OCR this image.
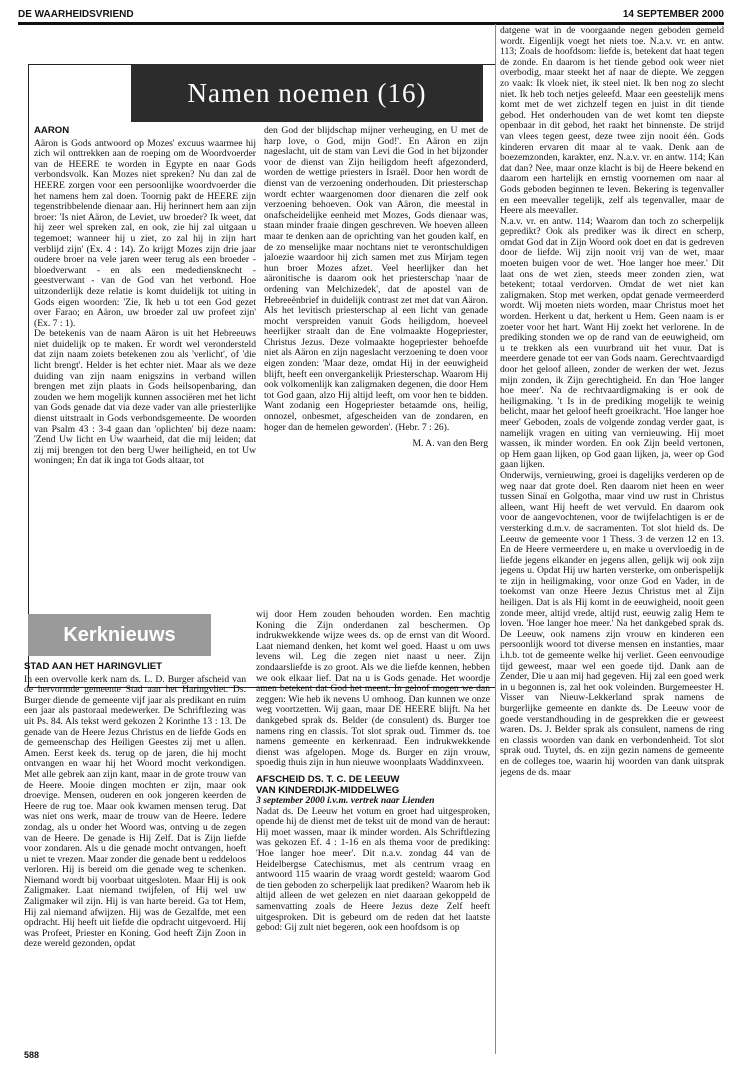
DE WAARHEIDSVRIEND	14 SEPTEMBER 2000
Namen noemen (16)
AÄRON

Aäron is Gods antwoord op Mozes' excuus waarmee hij zich wil onttrekken aan de roeping om de Woordvoerder van de HEERE te worden in Egypte en naar Gods verbondsvolk. Kan Mozes niet spreken? Nu dan zal de HEERE zorgen voor een persoonlijke woordvoerder die het namens hem zal doen. Toornig pakt de HEERE zijn tegenstribbelende dienaar aan. Hij herinnert hem aan zijn broer: 'Is niet Aäron, de Leviet, uw broeder? Ik weet, dat hij zeer wel spreken zal, en ook, zie hij zal uitgaan u tegemoet; wanneer hij u ziet, zo zal hij in zijn hart verblijd zijn' (Ex. 4 : 14). Zo krijgt Mozes zijn drie jaar oudere broer na vele jaren weer terug als een broeder - bloedverwant - en als een medediensknecht - geestverwant - van de God van het verbond. Hoe uitzonderlijk deze relatie is komt duidelijk tot uiting in Gods eigen woorden: 'Zie, Ik heb u tot een God gezet over Farao; en Aäron, uw broeder zal uw profeet zijn' (Ex. 7 : 1).

De betekenis van de naam Aäron is uit het Hebreeuws niet duidelijk op te maken. Er wordt wel verondersteld dat zijn naam zoiets betekenen zou als 'verlicht', of 'die licht brengt'. Helder is het echter niet. Maar als we deze duiding van zijn naam enigszins in verband willen brengen met zijn plaats in Gods heilsopenbaring, dan zouden we hem mogelijk kunnen associëren met het licht van Gods genade dat via deze vader van alle priesterlijke dienst uitstraalt in Gods verbondsgemeente. De woorden van Psalm 43 : 3-4 gaan dan 'oplichten' bij deze naam: 'Zend Uw licht en Uw waarheid, dat die mij leiden; dat zij mij brengen tot den berg Uwer heiligheid, en tot Uw woningen; En dat ik inga tot Gods altaar, tot

den God der blijdschap mijner verheuging, en U met de harp love, o God, mijn God!'. En Aäron en zijn nageslacht, uit de stam van Levi die God in het bijzonder voor de dienst van Zijn heiligdom heeft afgezonderd, worden de wettige priesters in Israël. Door hen wordt de dienst van de verzoening onderhouden. Dit priesterschap wordt echter waargenomen door dienaren die zelf ook verzoening behoeven. Ook van Aäron, die meestal in onafscheidelijke eenheid met Mozes, Gods dienaar was, staan minder fraaie dingen geschreven. We hoeven alleen maar te denken aan de oprichting van het gouden kalf, en de zo menselijke maar nochtans niet te verontschuldigen jaloezie waardoor hij zich samen met zus Mirjam tegen hun broer Mozes afzet. Veel heerlijker dan het aäronitische is daarom ook het priesterschap 'naar de ordening van Melchizedek', dat de apostel van de Hebreeënbrief in duidelijk contrast zet met dat van Aäron. Als het levitisch priesterschap al een licht van genade mocht verspreiden vanuit Gods heiligdom, hoeveel heerlijker straalt dan de Ene volmaakte Hogepriester, Christus Jezus. Deze volmaakte hogepriester behoefde niet als Aäron en zijn nageslacht verzoening te doen voor eigen zonden: 'Maar deze, omdat Hij in der eeuwigheid blijft, heeft een onvergankelijk Priesterschap. Waarom Hij ook volkomenlijk kan zaligmaken degenen, die door Hem tot God gaan, alzo Hij altijd leeft, om voor hen te bidden. Want zodanig een Hogepriester betaamde ons, heilig, onnozel, onbesmet, afgescheiden van de zondaren, en hoger dan de hemelen geworden'. (Hebr. 7 : 26).

M. A. van den Berg

Kerknieuws
STAD AAN HET HARINGVLIET

In een overvolle kerk nam ds. L. D. Burger afscheid van de hervormde gemeente Stad aan het Haringvliet. Ds. Burger diende de gemeente vijf jaar als predikant en ruim een jaar als pastoraal medewerker. De Schriftlezing was uit Ps. 84. Als tekst werd gekozen 2 Korinthe 13 : 13. De genade van de Heere Jezus Christus en de liefde Gods en de gemeenschap des Heiligen Geestes zij met u allen. Amen. Eerst keek ds. terug op de jaren, die hij mocht ontvangen en waar hij het Woord mocht verkondigen. Met alle gebrek aan zijn kant, maar in de grote trouw van de Heere. Mooie dingen mochten er zijn, maar ook droevige. Mensen, ouderen en ook jongeren keerden de Heere de rug toe. Maar ook kwamen mensen terug. Dat was niet ons werk, maar de trouw van de Heere. Iedere zondag, als u onder het Woord was, ontving u de zegen van de Heere. De genade is Hij Zelf. Dat is Zijn liefde voor zondaren. Als u die genade mocht ontvangen, hoeft u niet te vrezen. Maar zonder die genade bent u reddeloos verloren. Hij is bereid om die genade weg te schenken. Niemand wordt bij voorbaat uitgesloten. Maar Hij is ook Zaligmaker. Laat niemand twijfelen, of Hij wel uw Zaligmaker wil zijn. Hij is van harte bereid. Ga tot Hem, Hij zal niemand afwijzen. Hij was de Gezalfde, met een opdracht. Hij heeft uit liefde die opdracht uitgevoerd. Hij was Profeet, Priester en Koning. God heeft Zijn Zoon in deze wereld gezonden, opdat

wij door Hem zouden behouden worden. Een machtig Koning die Zijn onderdanen zal beschermen. Op indrukwekkende wijze wees ds. op de ernst van dit Woord. Laat niemand denken, het komt wel goed. Haast u om uws levens wil. Leg die zegen niet naast u neer. Zijn zondaarsliefde is zo groot. Als we die liefde kennen, hebben we ook elkaar lief. Dat na u is Gods genade. Het woordje amen betekent dat God het meent. In geloof mogen we dan zeggen: Wie heb ik nevens U omhoog. Dan kunnen we onze weg voortzetten. Wij gaan, maar DE HEERE blijft. Na het dankgebed sprak ds. Belder (de consulent) ds. Burger toe namens ring en classis. Tot slot sprak oud. Timmer ds. toe namens gemeente en kerkenraad. Een indrukwekkende dienst was afgelopen. Moge ds. Burger en zijn vrouw, spoedig thuis zijn in hun nieuwe woonplaats Waddinxveen.

AFSCHEID DS. T. C. DE LEEUW

VAN KINDERDIJK-MIDDELWEG

3 september 2000 i.v.m. vertrek naar Lienden

Nadat ds. De Leeuw het votum en groet had uitgesproken, opende hij de dienst met de tekst uit de mond van de heraut: Hij moet wassen, maar ik minder worden. Als Schriftlezing was gekozen Ef. 4 : 1-16 en als thema voor de prediking: 'Hoe langer hoe meer'. Dit n.a.v. zondag 44 van de Heidelbergse Catechismus, met als centrum vraag en antwoord 115 waarin de vraag wordt gesteld: waarom God de tien geboden zo scherpelijk laat prediken? Waarom heb ik altijd alleen de wet gelezen en niet daaraan gekoppeld de samenvatting zoals de Heere Jezus deze Zelf heeft uitgesproken. Dit is gebeurd om de reden dat het laatste gebod: Gij zult niet begeren, ook een hoofdsom is op

datgene wat in de voorgaande negen geboden gemeld wordt. Eigenlijk voegt het niets toe. N.a.v. vr. en antw. 113; Zoals de hoofdsom: liefde is, betekent dat haat tegen de zonde. En daarom is het tiende gebod ook weer niet overbodig, maar steekt het af naar de diepte. We zeggen zo vaak: Ik vloek niet, ik steel niet. Ik ben nog zo slecht niet. Ik heb toch netjes geleefd. Maar een geestelijk mens komt met de wet zichzelf tegen en juist in dit tiende gebod. Het onderhouden van de wet komt ten diepste openbaar in dit gebod, het raakt het binnenste. De strijd van vlees tegen geest, deze twee zijn nooit één. Gods kinderen ervaren dit maar al te vaak. Denk aan de boezemzonden, karakter, enz. N.a.v. vr. en antw. 114; Kan dat dan? Nee, maar onze klacht is bij de Heere bekend en daarom een hartelijk en ernstig voornemen om naar al Gods geboden beginnen te leven. Bekering is tegenvaller en een meevaller tegelijk, zelf als tegenvaller, maar de Heere als meevaller.

N.a.v. vr. en antw. 114; Waarom dan toch zo scherpelijk gepredikt? Ook als prediker was ik direct en scherp, omdat God dat in Zijn Woord ook doet en dat is gedreven door de liefde. Wij zijn nooit vrij van de wet, maar moeten buigen voor de wet. 'Hoe langer hoe meer.' Dit laat ons de wet zien, steeds meer zonden zien, wat betekent; totaal verdorven. Omdat de wet niet kan zaligmaken. Stop met werken, opdat genade vermeerderd wordt. Wij moeten niets worden, maar Christus moet het worden. Herkent u dat, herkent u Hem. Geen naam is er zoeter voor het hart. Want Hij zoekt het verlorene. In de prediking stonden we op de rand van de eeuwigheid, om u te trekken als een vuurbrand uit het vuur. Dat is meerdere genade tot eer van Gods naam. Gerechtvaardigd door het geloof alleen, zonder de werken der wet. Jezus mijn zonden, ik Zijn gerechtigheid. En dan 'Hoe langer hoe meer'. Na de rechtvaardigmaking is er ook de heiligmaking. 't Is in de prediking mogelijk te weinig belicht, maar het geloof heeft groeikracht. 'Hoe langer hoe meer' Geboden, zoals de volgende zondag verder gaat, is namelijk vragen en uiting van vernieuwing. Hij moet wassen, ik minder worden. En ook Zijn beeld vertonen, op Hem gaan lijken, op God gaan lijken, ja, weer op God gaan lijken.

Onderwijs, vernieuwing, groei is dagelijks verderen op de weg naar dat grote doel. Ren daarom niet heen en weer tussen Sinaï en Golgotha, maar vind uw rust in Christus alleen, want Hij heeft de wet vervuld. En daarom ook voor de aangevochtenen, voor de twijfelachtigen is er de versterking d.m.v. de sacramenten. Tot slot hield ds. De Leeuw de gemeente voor 1 Thess. 3 de verzen 12 en 13. En de Heere vermeerdere u, en make u overvloedig in de liefde jegens elkander en jegens allen, gelijk wij ook zijn jegens u. Opdat Hij uw harten versterke, om onberispelijk te zijn in heiligmaking, voor onze God en Vader, in de toekomst van onze Heere Jezus Christus met al Zijn heiligen. Dat is als Hij komt in de eeuwigheid, nooit geen zonde meer, altijd vrede, altijd rust, eeuwig zalig Hem te loven. 'Hoe langer hoe meer.' Na het dankgebed sprak ds. De Leeuw, ook namens zijn vrouw en kinderen een persoonlijk woord tot diverse mensen en instanties, maar i.h.b. tot de gemeente welke hij verliet. Geen eenvoudige tijd geweest, maar wel een goede tijd. Dank aan de Zender, Die u aan mij had gegeven. Hij zal een goed werk in u begonnen is, zal het ook voleinden. Burgemeester H. Visser van Nieuw-Lekkerland sprak namens de burgerlijke gemeente en dankte ds. De Leeuw voor de goede verstandhouding in de gesprekken die er geweest waren. Ds. J. Belder sprak als consulent, namens de ring en classis woorden van dank en verbondenheid. Tot slot sprak oud. Tuytel, ds. en zijn gezin namens de gemeente en de colleges toe, waarin hij woorden van dank uitsprak jegens de ds. maar

588
